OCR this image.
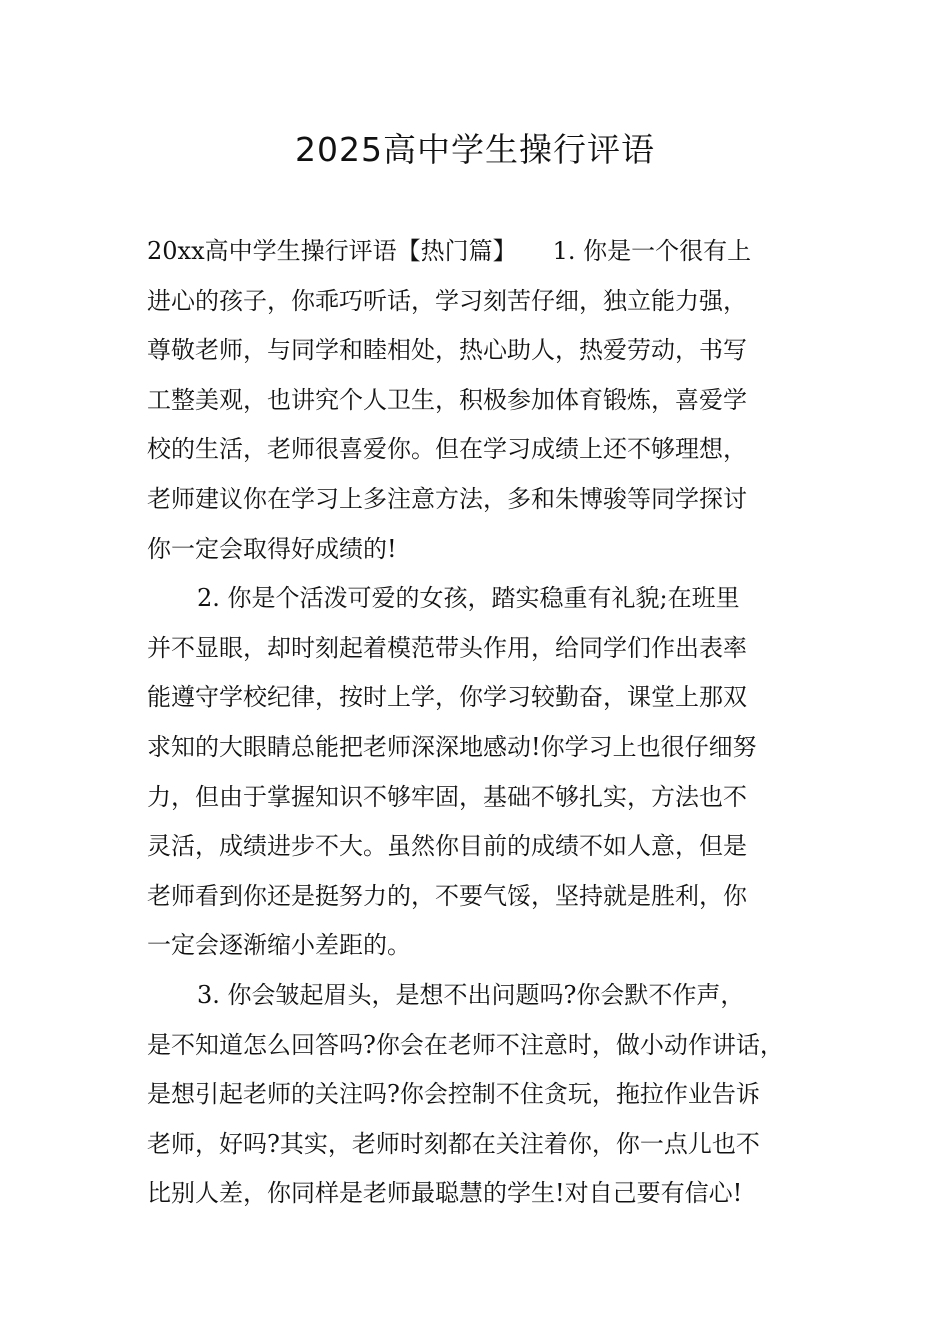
2025高中学生操行评语
20xx高中学生操行评语【热门篇】　　1. 你是一个很有上
进心的孩子，你乖巧听话，学习刻苦仔细，独立能力强，
尊敬老师，与同学和睦相处，热心助人，热爱劳动，书写
工整美观，也讲究个人卫生，积极参加体育锻炼，喜爱学
校的生活，老师很喜爱你。但在学习成绩上还不够理想，
老师建议你在学习上多注意方法，多和朱博骏等同学探讨
你一定会取得好成绩的!
2. 你是个活泼可爱的女孩，踏实稳重有礼貌;在班里
并不显眼，却时刻起着模范带头作用，给同学们作出表率
能遵守学校纪律，按时上学，你学习较勤奋，课堂上那双
求知的大眼睛总能把老师深深地感动!你学习上也很仔细努
力，但由于掌握知识不够牢固，基础不够扎实，方法也不
灵活，成绩进步不大。虽然你目前的成绩不如人意，但是
老师看到你还是挺努力的，不要气馁，坚持就是胜利，你
一定会逐渐缩小差距的。
3. 你会皱起眉头，是想不出问题吗?你会默不作声，
是不知道怎么回答吗?你会在老师不注意时，做小动作讲话，
是想引起老师的关注吗?你会控制不住贪玩，拖拉作业告诉
老师，好吗?其实，老师时刻都在关注着你，你一点儿也不
比别人差，你同样是老师最聪慧的学生!对自己要有信心!
